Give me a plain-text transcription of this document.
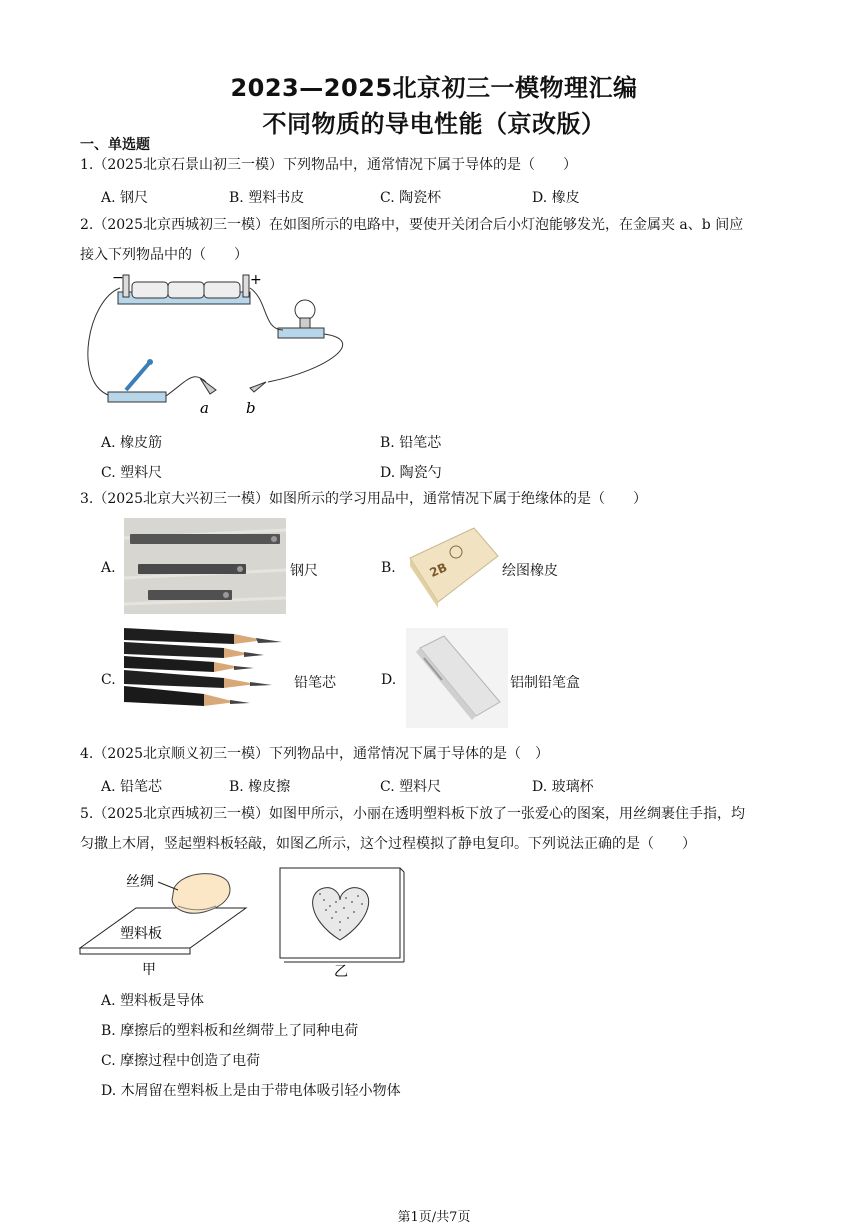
2023—2025北京初三一模物理汇编
不同物质的导电性能（京改版）
一、单选题
1.（2025北京石景山初三一模）下列物品中，通常情况下属于导体的是（　　）
A. 钢尺	B. 塑料书皮	C. 陶瓷杯	D. 橡皮
2.（2025北京西城初三一模）在如图所示的电路中，要使开关闭合后小灯泡能够发光，在金属夹 a、b 间应
接入下列物品中的（　　）
−	+
a b
A. 橡皮筋	B. 铅笔芯
C. 塑料尺	D. 陶瓷勺
3.（2025北京大兴初三一模）如图所示的学习用品中，通常情况下属于绝缘体的是（　　）
A.	钢尺	B.	2B	绘图橡皮
C.	铅笔芯	D.	铝制铅笔盒
4.（2025北京顺义初三一模）下列物品中，通常情况下属于导体的是（　）
A. 铅笔芯	B. 橡皮擦	C. 塑料尺	D. 玻璃杯
5.（2025北京西城初三一模）如图甲所示，小丽在透明塑料板下放了一张爱心的图案，用丝绸裹住手指，均
匀撒上木屑，竖起塑料板轻敲，如图乙所示，这个过程模拟了静电复印。下列说法正确的是（　　）
丝绸
塑料板
甲	乙
A. 塑料板是导体
B. 摩擦后的塑料板和丝绸带上了同种电荷
C. 摩擦过程中创造了电荷
D. 木屑留在塑料板上是由于带电体吸引轻小物体
第1页/共7页
